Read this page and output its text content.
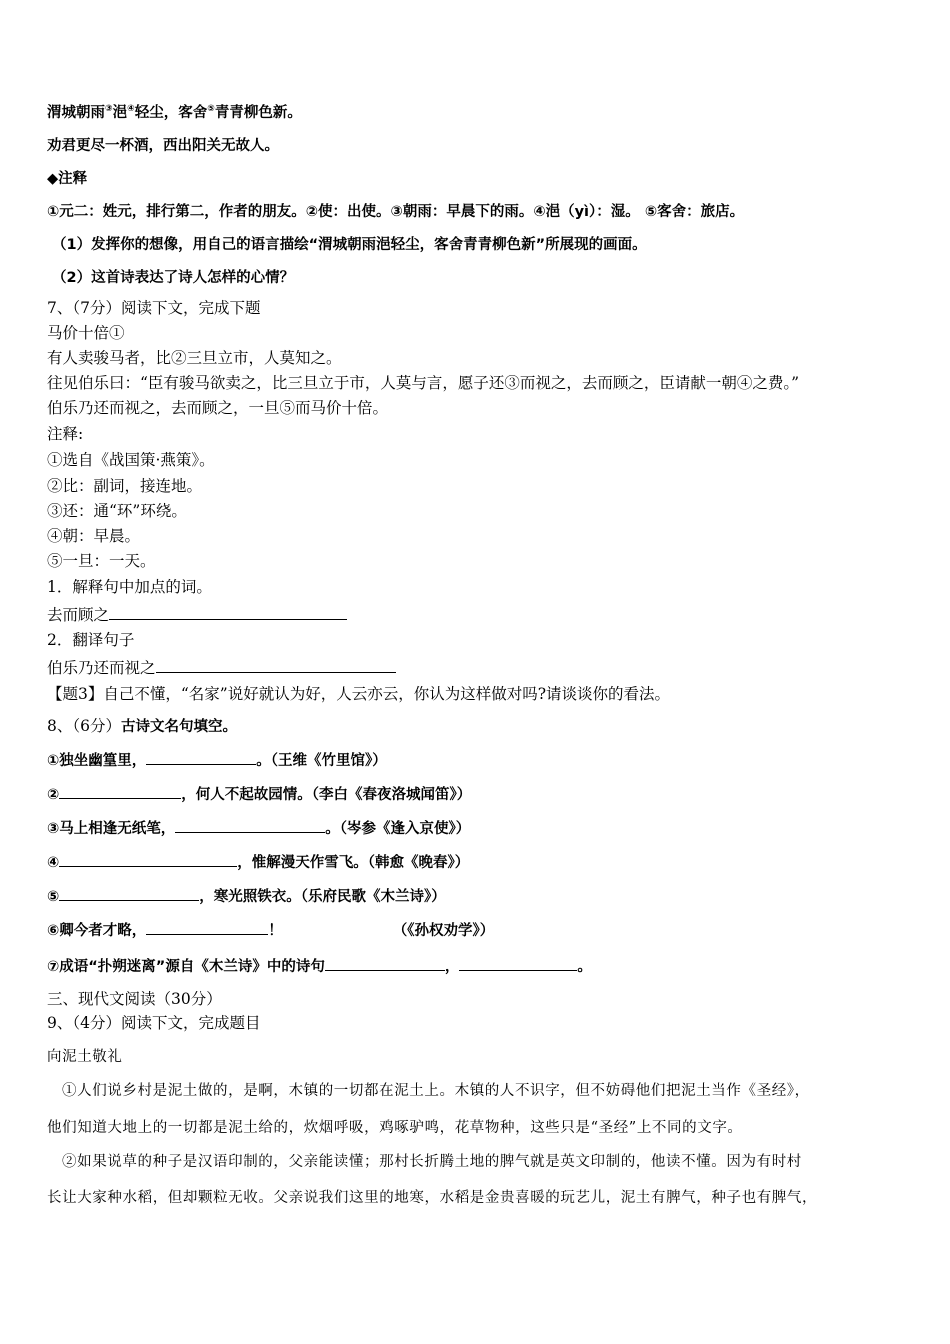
渭城朝雨③浥④轻尘，客舍⑤青青柳色新。
劝君更尽一杯酒，西出阳关无故人。
◆注释
①元二：姓元，排行第二，作者的朋友。②使：出使。③朝雨：早晨下的雨。④浥（yì）：湿。 ⑤客舍：旅店。
（1）发挥你的想像，用自己的语言描绘“渭城朝雨浥轻尘，客舍青青柳色新”所展现的画面。
（2）这首诗表达了诗人怎样的心情？
7、（7分）阅读下文，完成下题
马价十倍①
有人卖骏马者，比②三旦立市，人莫知之。
往见伯乐曰：“臣有骏马欲卖之，比三旦立于市，人莫与言，愿子还③而视之，去而顾之，臣请献一朝④之费。”
伯乐乃还而视之，去而顾之，一旦⑤而马价十倍。
注释:
①选自《战国策·燕策》。
②比：副词，接连地。
③还：通“环”环绕。
④朝：早晨。
⑤一旦：一天。
1．解释句中加点的词。
去而顾之
2．翻译句子
伯乐乃还而视之
【题3】自己不懂，“名家”说好就认为好，人云亦云，你认为这样做对吗?请谈谈你的看法。
8、（6分）古诗文名句填空。
①独坐幽篁里，	。（王维《竹里馆》）
②	，何人不起故园情。（李白《春夜洛城闻笛》）
③马上相逢无纸笔，	。（岑参《逢入京使》）
④	，惟解漫天作雪飞。（韩愈《晚春》）
⑤	，寒光照铁衣。（乐府民歌《木兰诗》）
⑥卿今者才略，	！	（《孙权劝学》）
⑦成语“扑朔迷离”源自《木兰诗》中的诗句	，	。
三、现代文阅读（30分）
9、（4分）阅读下文，完成题目
向泥土敬礼
①人们说乡村是泥土做的，是啊，木镇的一切都在泥土上。木镇的人不识字，但不妨碍他们把泥土当作《圣经》，
他们知道大地上的一切都是泥土给的，炊烟呼吸，鸡啄驴鸣，花草物种，这些只是“圣经”上不同的文字。
②如果说草的种子是汉语印制的，父亲能读懂；那村长折腾土地的脾气就是英文印制的，他读不懂。因为有时村
长让大家种水稻，但却颗粒无收。父亲说我们这里的地寒，水稻是金贵喜暖的玩艺儿，泥土有脾气，种子也有脾气，
